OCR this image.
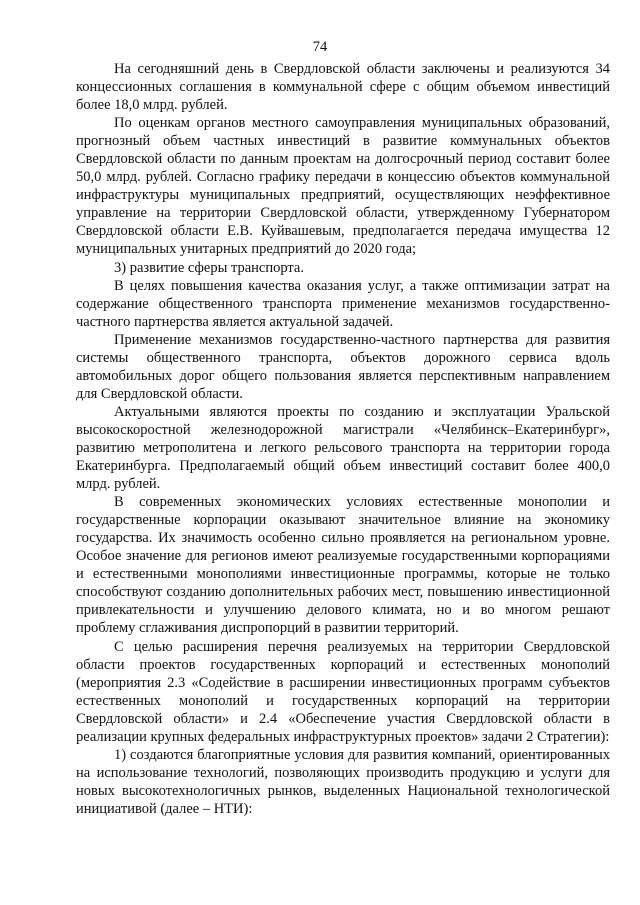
74

На сегодняшний день в Свердловской области заключены и реализуются 34 концессионных соглашения в коммунальной сфере с общим объемом инвестиций более 18,0 млрд. рублей.

По оценкам органов местного самоуправления муниципальных образований, прогнозный объем частных инвестиций в развитие коммунальных объектов Свердловской области по данным проектам на долгосрочный период составит более 50,0 млрд. рублей. Согласно графику передачи в концессию объектов коммунальной инфраструктуры муниципальных предприятий, осуществляющих неэффективное управление на территории Свердловской области, утвержденному Губернатором Свердловской области Е.В. Куйвашевым, предполагается передача имущества 12 муниципальных унитарных предприятий до 2020 года;

3) развитие сферы транспорта.

В целях повышения качества оказания услуг, а также оптимизации затрат на содержание общественного транспорта применение механизмов государственно-частного партнерства является актуальной задачей.

Применение механизмов государственно-частного партнерства для развития системы общественного транспорта, объектов дорожного сервиса вдоль автомобильных дорог общего пользования является перспективным направлением для Свердловской области.

Актуальными являются проекты по созданию и эксплуатации Уральской высокоскоростной железнодорожной магистрали «Челябинск–Екатеринбург», развитию метрополитена и легкого рельсового транспорта на территории города Екатеринбурга. Предполагаемый общий объем инвестиций составит более 400,0 млрд. рублей.

В современных экономических условиях естественные монополии и государственные корпорации оказывают значительное влияние на экономику государства. Их значимость особенно сильно проявляется на региональном уровне. Особое значение для регионов имеют реализуемые государственными корпорациями и естественными монополиями инвестиционные программы, которые не только способствуют созданию дополнительных рабочих мест, повышению инвестиционной привлекательности и улучшению делового климата, но и во многом решают проблему сглаживания диспропорций в развитии территорий.

С целью расширения перечня реализуемых на территории Свердловской области проектов государственных корпораций и естественных монополий (мероприятия 2.3 «Содействие в расширении инвестиционных программ субъектов естественных монополий и государственных корпораций на территории Свердловской области» и 2.4 «Обеспечение участия Свердловской области в реализации крупных федеральных инфраструктурных проектов» задачи 2 Стратегии):

1) создаются благоприятные условия для развития компаний, ориентированных на использование технологий, позволяющих производить продукцию и услуги для новых высокотехнологичных рынков, выделенных Национальной технологической инициативой (далее – НТИ):
